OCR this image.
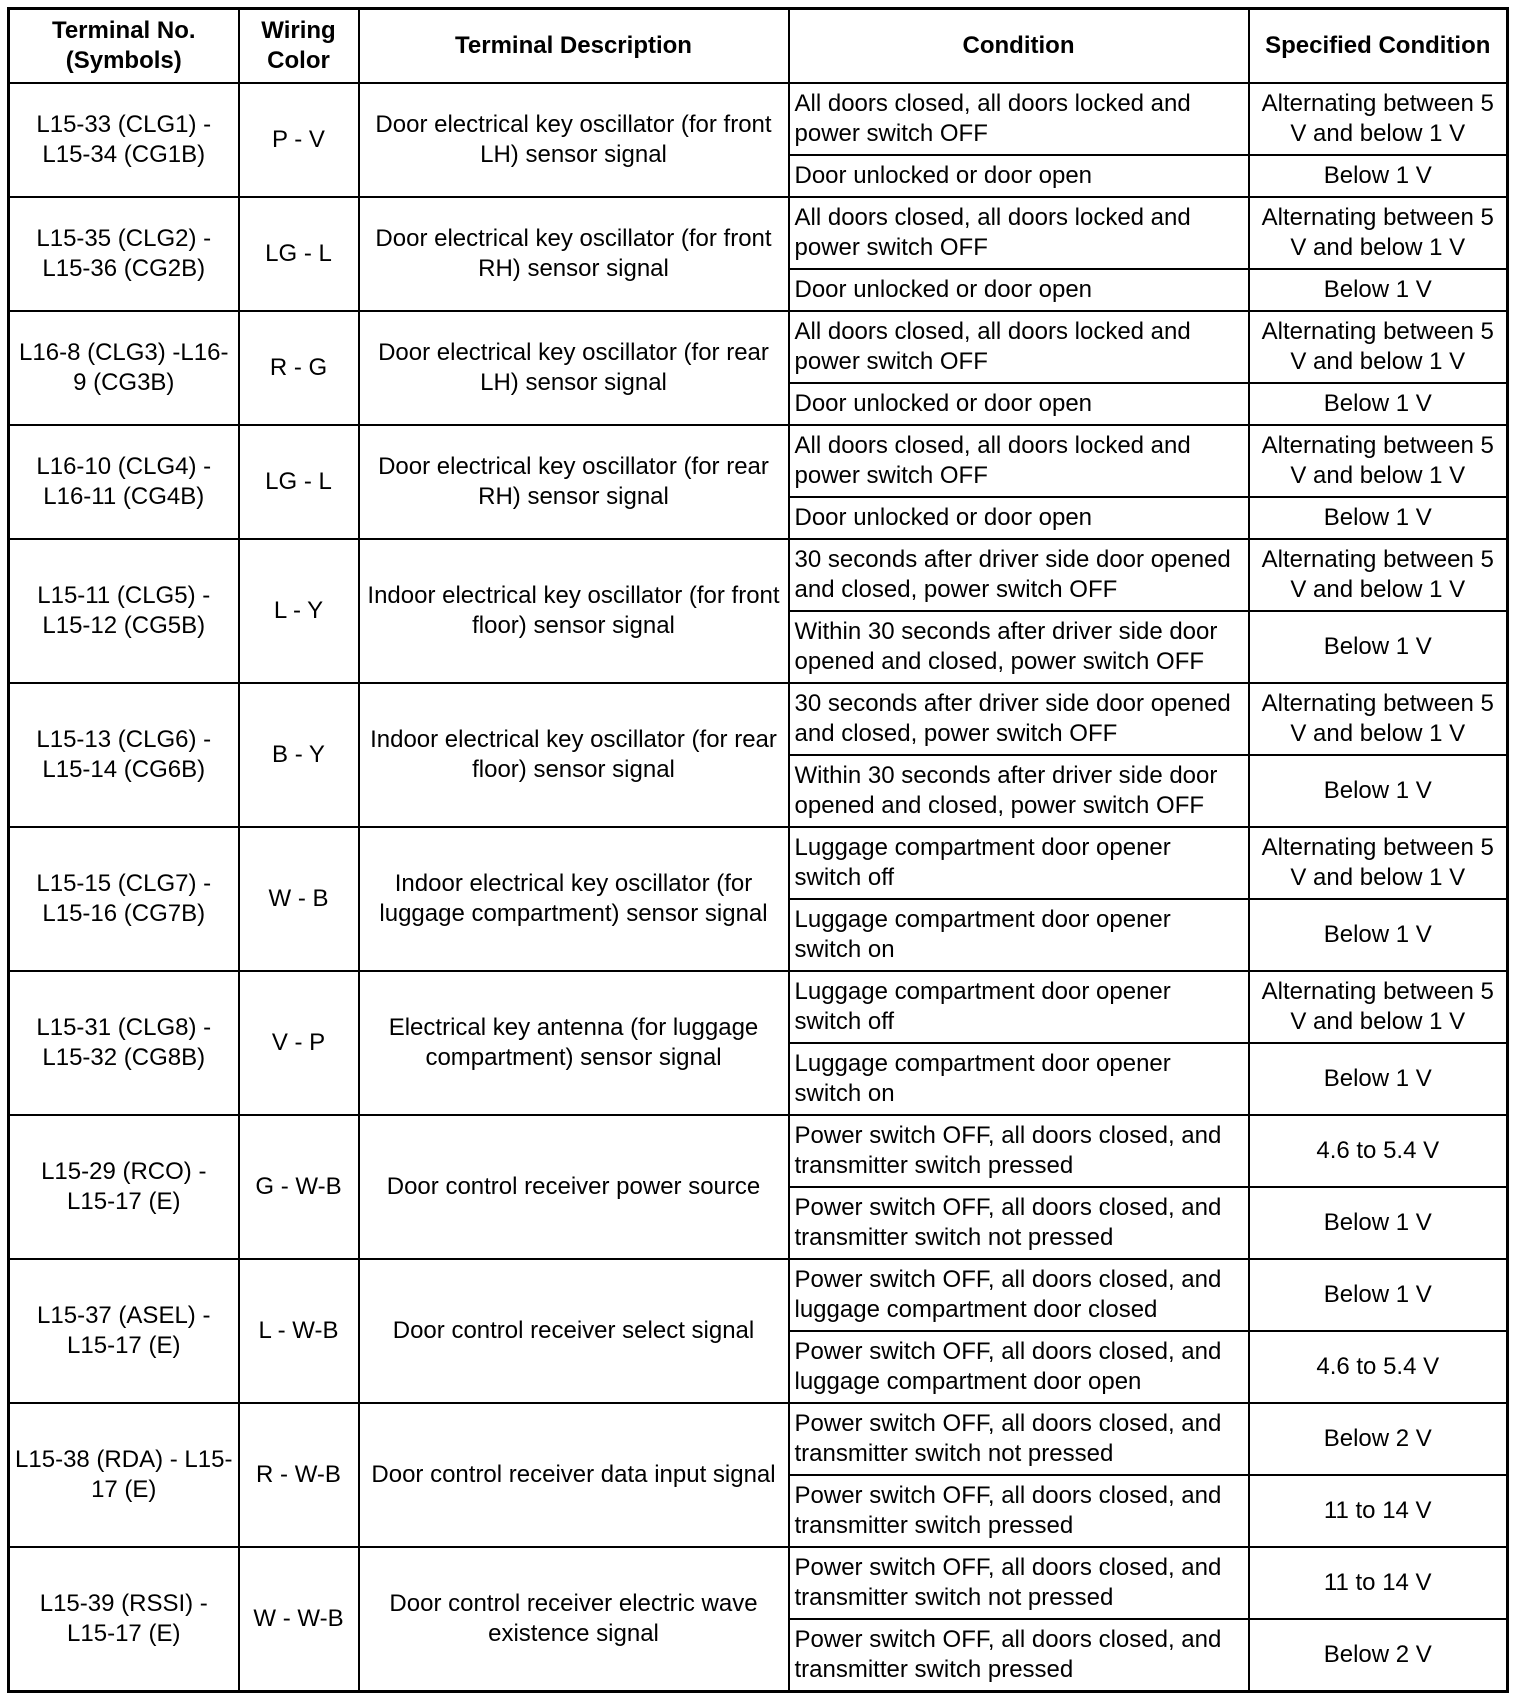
Terminal No. (Symbols)	Wiring Color	Terminal Description	Condition	Specified Condition
L15-33 (CLG1) - L15-34 (CG1B)	P - V	Door electrical key oscillator (for front LH) sensor signal	All doors closed, all doors locked and power switch OFF	Alternating between 5 V and below 1 V
			Door unlocked or door open	Below 1 V
L15-35 (CLG2) - L15-36 (CG2B)	LG - L	Door electrical key oscillator (for front RH) sensor signal	All doors closed, all doors locked and power switch OFF	Alternating between 5 V and below 1 V
			Door unlocked or door open	Below 1 V
L16-8 (CLG3) -L16-9 (CG3B)	R - G	Door electrical key oscillator (for rear LH) sensor signal	All doors closed, all doors locked and power switch OFF	Alternating between 5 V and below 1 V
			Door unlocked or door open	Below 1 V
L16-10 (CLG4) - L16-11 (CG4B)	LG - L	Door electrical key oscillator (for rear RH) sensor signal	All doors closed, all doors locked and power switch OFF	Alternating between 5 V and below 1 V
			Door unlocked or door open	Below 1 V
L15-11 (CLG5) - L15-12 (CG5B)	L - Y	Indoor electrical key oscillator (for front floor) sensor signal	30 seconds after driver side door opened and closed, power switch OFF	Alternating between 5 V and below 1 V
			Within 30 seconds after driver side door opened and closed, power switch OFF	Below 1 V
L15-13 (CLG6) - L15-14 (CG6B)	B - Y	Indoor electrical key oscillator (for rear floor) sensor signal	30 seconds after driver side door opened and closed, power switch OFF	Alternating between 5 V and below 1 V
			Within 30 seconds after driver side door opened and closed, power switch OFF	Below 1 V
L15-15 (CLG7) - L15-16 (CG7B)	W - B	Indoor electrical key oscillator (for luggage compartment) sensor signal	Luggage compartment door opener switch off	Alternating between 5 V and below 1 V
			Luggage compartment door opener switch on	Below 1 V
L15-31 (CLG8) - L15-32 (CG8B)	V - P	Electrical key antenna (for luggage compartment) sensor signal	Luggage compartment door opener switch off	Alternating between 5 V and below 1 V
			Luggage compartment door opener switch on	Below 1 V
L15-29 (RCO) - L15-17 (E)	G - W-B	Door control receiver power source	Power switch OFF, all doors closed, and transmitter switch pressed	4.6 to 5.4 V
			Power switch OFF, all doors closed, and transmitter switch not pressed	Below 1 V
L15-37 (ASEL) - L15-17 (E)	L - W-B	Door control receiver select signal	Power switch OFF, all doors closed, and luggage compartment door closed	Below 1 V
			Power switch OFF, all doors closed, and luggage compartment door open	4.6 to 5.4 V
L15-38 (RDA) - L15-17 (E)	R - W-B	Door control receiver data input signal	Power switch OFF, all doors closed, and transmitter switch not pressed	Below 2 V
			Power switch OFF, all doors closed, and transmitter switch pressed	11 to 14 V
L15-39 (RSSI) - L15-17 (E)	W - W-B	Door control receiver electric wave existence signal	Power switch OFF, all doors closed, and transmitter switch not pressed	11 to 14 V
			Power switch OFF, all doors closed, and transmitter switch pressed	Below 2 V
